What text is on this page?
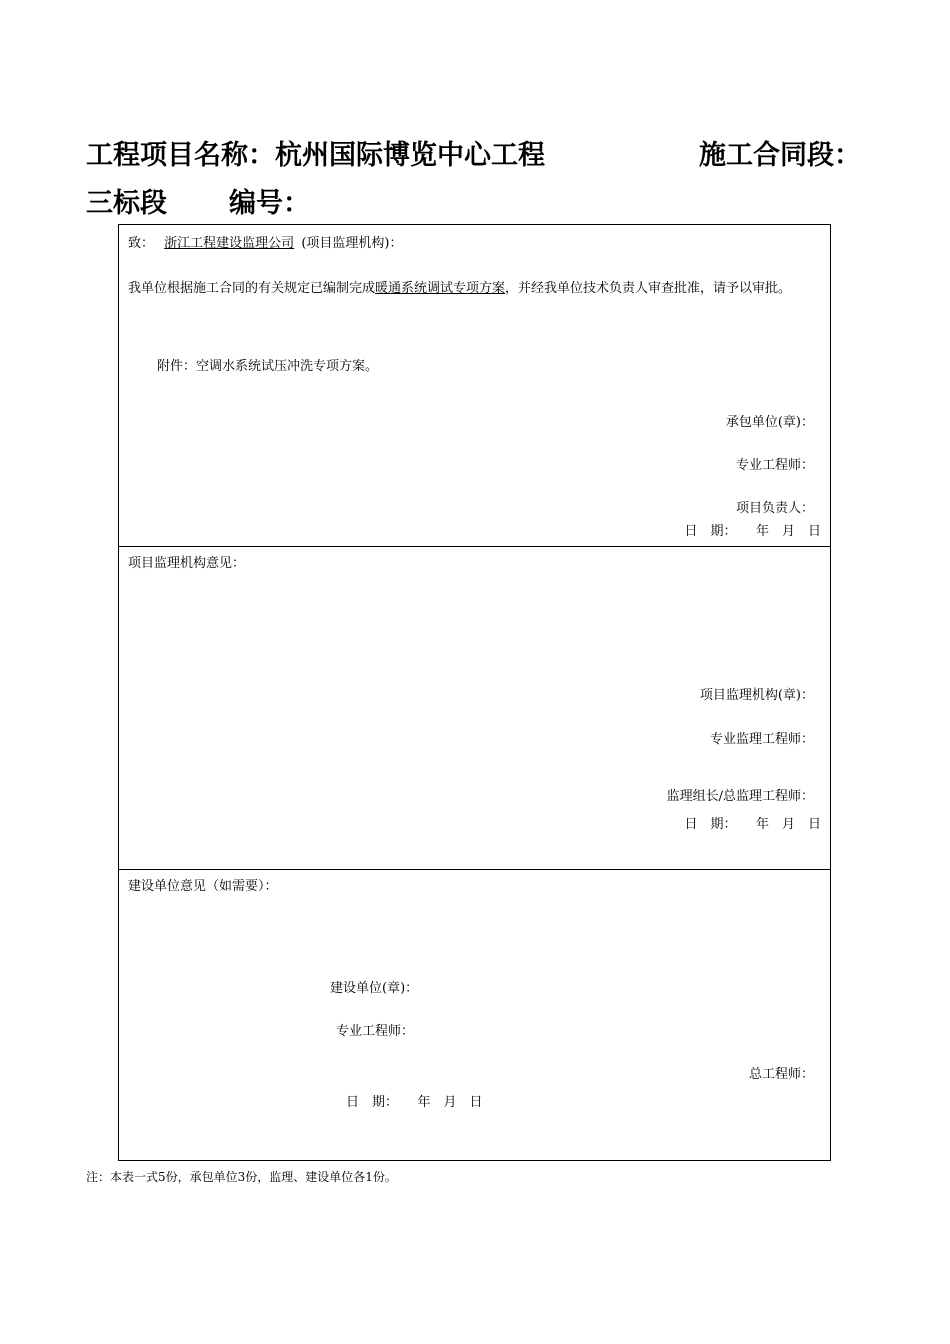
工程项目名称：杭州国际博览中心工程	施工合同段：
三标段 编号：
致： 浙江工程建设监理公司 (项目监理机构)：
我单位根据施工合同的有关规定已编制完成暖通系统调试专项方案，并经我单位技术负责人审查批准，请予以审批。
附件：空调水系统试压冲洗专项方案。
承包单位(章)：
专业工程师：
项目负责人：
日　期：　　年　月　日
项目监理机构意见：
项目监理机构(章)：
专业监理工程师：
监理组长/总监理工程师：
日　期：　　年　月　日
建设单位意见（如需要）：
建设单位(章)：
专业工程师：
总工程师：
日　期：　　年　月　日
注：本表一式5份，承包单位3份，监理、建设单位各1份。
